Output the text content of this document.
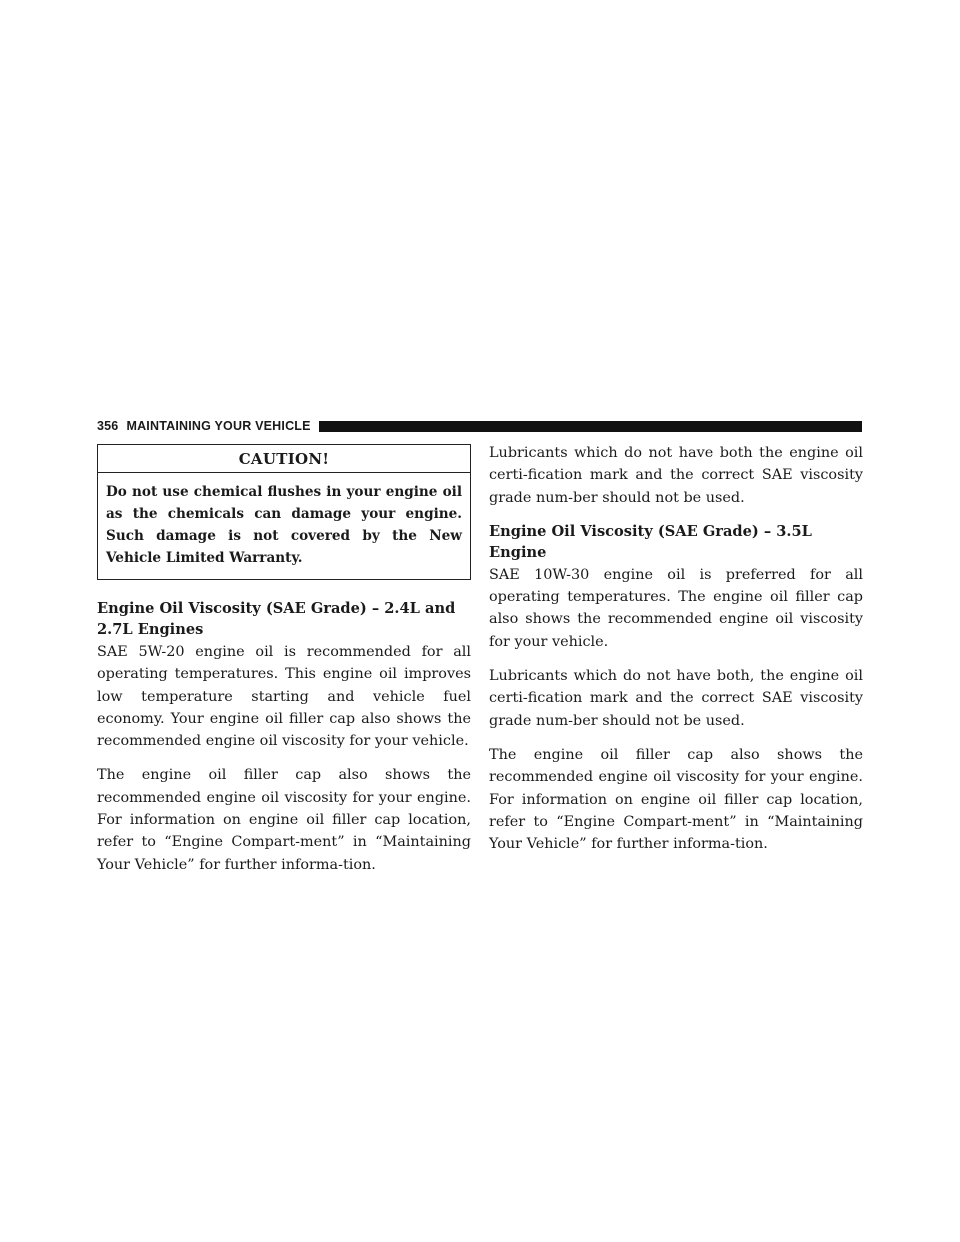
356 MAINTAINING YOUR VEHICLE
CAUTION!
Do not use chemical flushes in your engine oil as the chemicals can damage your engine. Such damage is not covered by the New Vehicle Limited Warranty.
Engine Oil Viscosity (SAE Grade) – 2.4L and 2.7L Engines

SAE 5W-20 engine oil is recommended for all operating temperatures. This engine oil improves low temperature starting and vehicle fuel economy. Your engine oil filler cap also shows the recommended engine oil viscosity for your vehicle.

The engine oil filler cap also shows the recommended engine oil viscosity for your engine. For information on engine oil filler cap location, refer to “Engine Compart-ment” in “Maintaining Your Vehicle” for further informa-tion.

Lubricants which do not have both the engine oil certi-fication mark and the correct SAE viscosity grade num-ber should not be used.

Engine Oil Viscosity (SAE Grade) – 3.5L Engine

SAE 10W-30 engine oil is preferred for all operating temperatures. The engine oil filler cap also shows the recommended engine oil viscosity for your vehicle.

Lubricants which do not have both, the engine oil certi-fication mark and the correct SAE viscosity grade num-ber should not be used.

The engine oil filler cap also shows the recommended engine oil viscosity for your engine. For information on engine oil filler cap location, refer to “Engine Compart-ment” in “Maintaining Your Vehicle” for further informa-tion.
